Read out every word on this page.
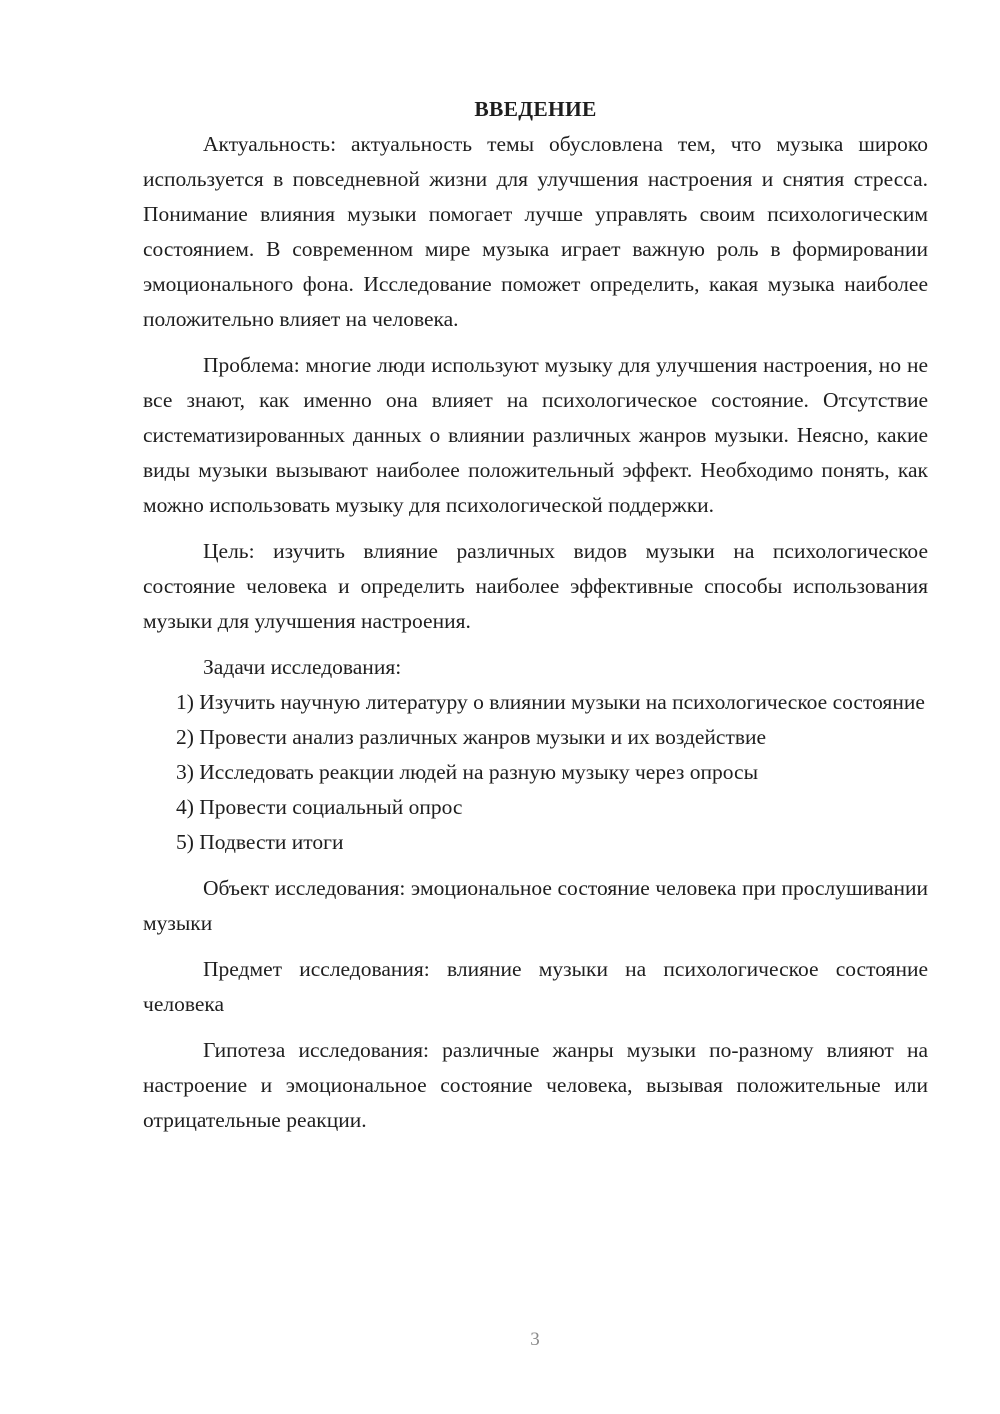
ВВЕДЕНИЕ

Актуальность: актуальность темы обусловлена тем, что музыка широко используется в повседневной жизни для улучшения настроения и снятия стресса. Понимание влияния музыки помогает лучше управлять своим психологическим состоянием. В современном мире музыка играет важную роль в формировании эмоционального фона. Исследование поможет определить, какая музыка наиболее положительно влияет на человека.

Проблема: многие люди используют музыку для улучшения настроения, но не все знают, как именно она влияет на психологическое состояние. Отсутствие систематизированных данных о влиянии различных жанров музыки. Неясно, какие виды музыки вызывают наиболее положительный эффект. Необходимо понять, как можно использовать музыку для психологической поддержки.

Цель: изучить влияние различных видов музыки на психологическое состояние человека и определить наиболее эффективные способы использования музыки для улучшения настроения.

Задачи исследования:

1) Изучить научную литературу о влиянии музыки на психологическое состояние

2) Провести анализ различных жанров музыки и их воздействие

3) Исследовать реакции людей на разную музыку через опросы

4) Провести социальный опрос

5) Подвести итоги

Объект исследования: эмоциональное состояние человека при прослушивании музыки

Предмет исследования: влияние музыки на психологическое состояние человека

Гипотеза исследования: различные жанры музыки по-разному влияют на настроение и эмоциональное состояние человека, вызывая положительные или отрицательные реакции.

3
